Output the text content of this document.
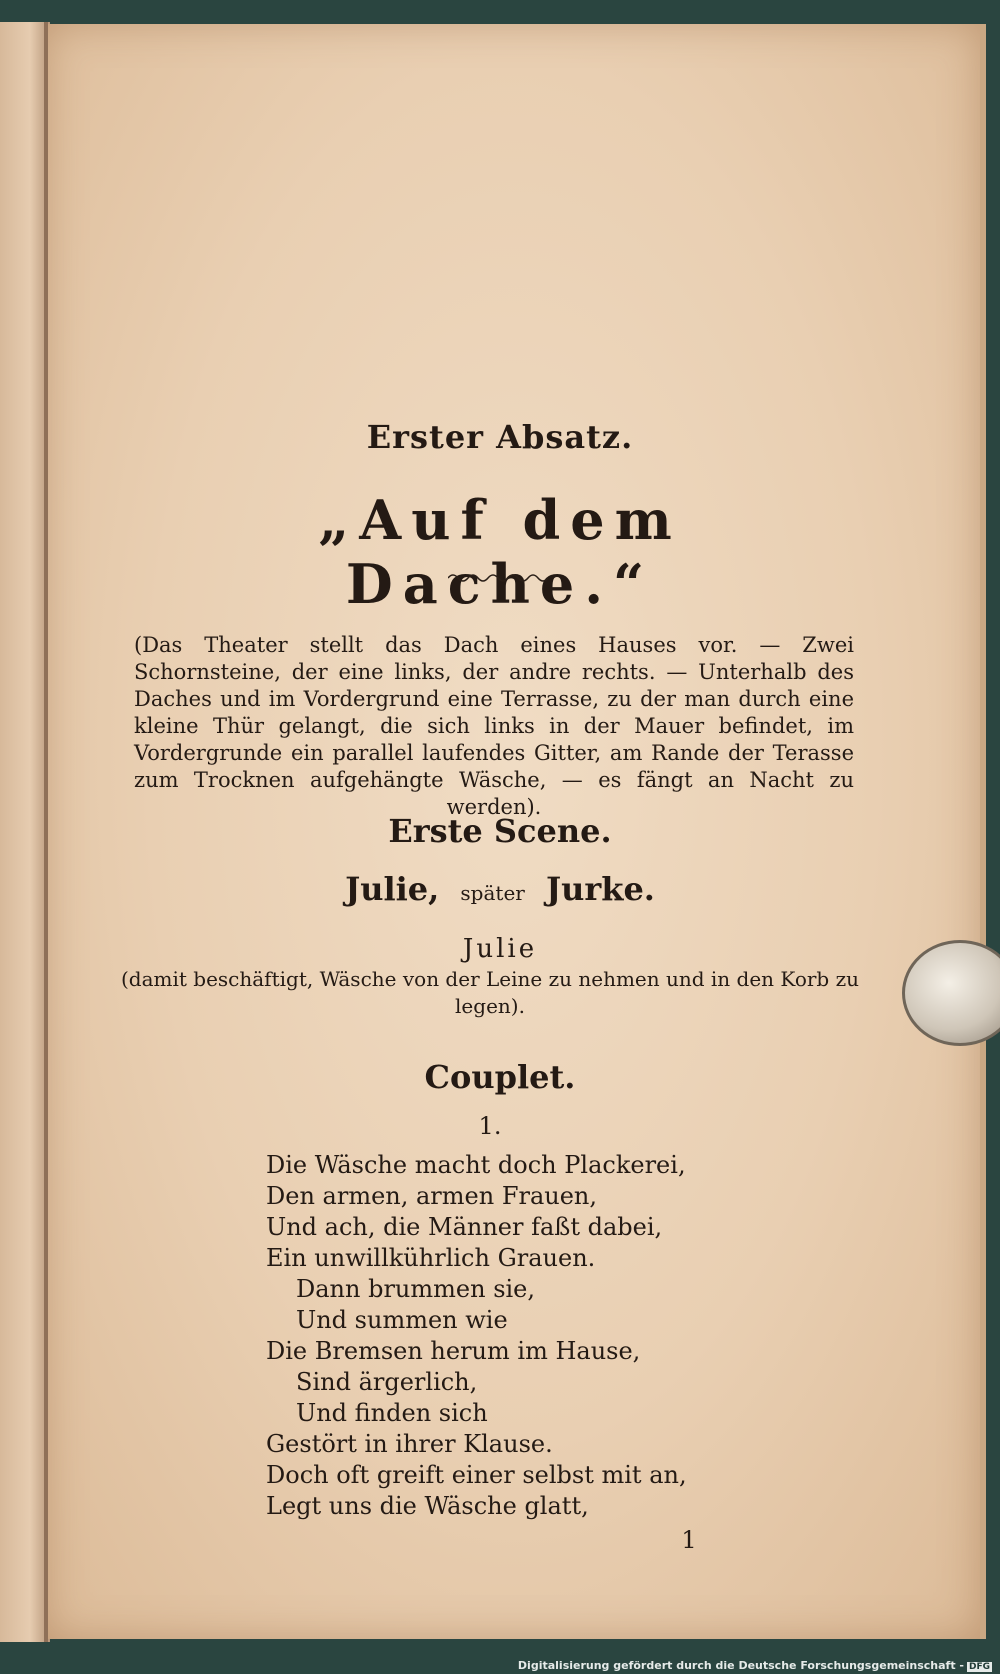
Erster Absatz.
„Auf dem Dache.“
(Das Theater stellt das Dach eines Hauses vor. — Zwei Schornsteine, der eine links, der andre rechts. — Unterhalb des Daches und im Vordergrund eine Terrasse, zu der man durch eine kleine Thür gelangt, die sich links in der Mauer befindet, im Vordergrunde ein parallel laufendes Gitter, am Rande der Terasse zum Trocknen aufgehängte Wäsche, — es fängt an Nacht zu werden).
Erste Scene.
Julie, später Jurke.
Julie
(damit beschäftigt, Wäsche von der Leine zu nehmen und in den Korb zu legen).
Couplet.
1.
Die Wäsche macht doch Plackerei,
Den armen, armen Frauen,
Und ach, die Männer faßt dabei,
Ein unwillkührlich Grauen.
Dann brummen sie,
Und summen wie
Die Bremsen herum im Hause,
Sind ärgerlich,
Und finden sich
Gestört in ihrer Klause.
Doch oft greift einer selbst mit an,
Legt uns die Wäsche glatt,
1
Digitalisierung gefördert durch die Deutsche Forschungsgemeinschaft - DFG
